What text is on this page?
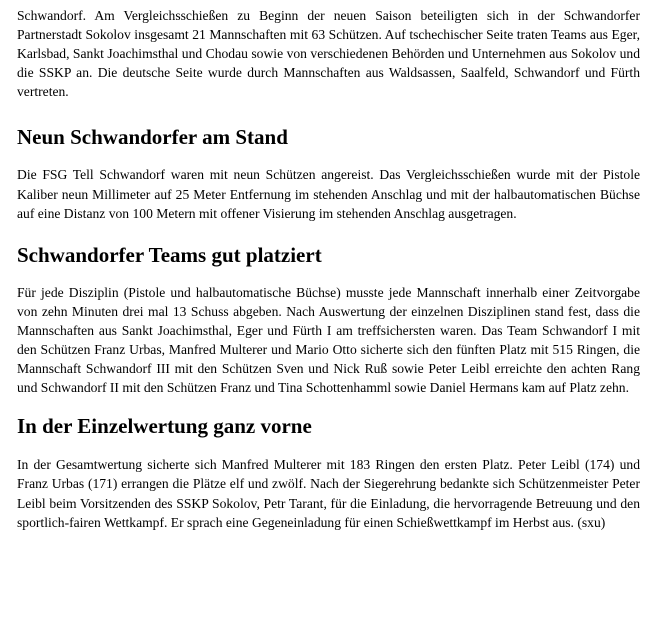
Schwandorf. Am Vergleichsschießen zu Beginn der neuen Saison beteiligten sich in der Schwandorfer Partnerstadt Sokolov insgesamt 21 Mannschaften mit 63 Schützen. Auf tschechischer Seite traten Teams aus Eger, Karlsbad, Sankt Joachimsthal und Chodau sowie von verschiedenen Behörden und Unternehmen aus Sokolov und die SSKP an. Die deutsche Seite wurde durch Mannschaften aus Waldsassen, Saalfeld, Schwandorf und Fürth vertreten.

Neun Schwandorfer am Stand

Die FSG Tell Schwandorf waren mit neun Schützen angereist. Das Vergleichsschießen wurde mit der Pistole Kaliber neun Millimeter auf 25 Meter Entfernung im stehenden Anschlag und mit der halbautomatischen Büchse auf eine Distanz von 100 Metern mit offener Visierung im stehenden Anschlag ausgetragen.

Schwandorfer Teams gut platziert

Für jede Disziplin (Pistole und halbautomatische Büchse) musste jede Mannschaft innerhalb einer Zeitvorgabe von zehn Minuten drei mal 13 Schuss abgeben. Nach Auswertung der einzelnen Disziplinen stand fest, dass die Mannschaften aus Sankt Joachimsthal, Eger und Fürth I am treffsichersten waren. Das Team Schwandorf I mit den Schützen Franz Urbas, Manfred Multerer und Mario Otto sicherte sich den fünften Platz mit 515 Ringen, die Mannschaft Schwandorf III mit den Schützen Sven und Nick Ruß sowie Peter Leibl erreichte den achten Rang und Schwandorf II mit den Schützen Franz und Tina Schottenhamml sowie Daniel Hermans kam auf Platz zehn.

In der Einzelwertung ganz vorne

In der Gesamtwertung sicherte sich Manfred Multerer mit 183 Ringen den ersten Platz. Peter Leibl (174) und Franz Urbas (171) errangen die Plätze elf und zwölf. Nach der Siegerehrung bedankte sich Schützenmeister Peter Leibl beim Vorsitzenden des SSKP Sokolov, Petr Tarant, für die Einladung, die hervorragende Betreuung und den sportlich-fairen Wettkampf. Er sprach eine Gegeneinladung für einen Schießwettkampf im Herbst aus. (sxu)
